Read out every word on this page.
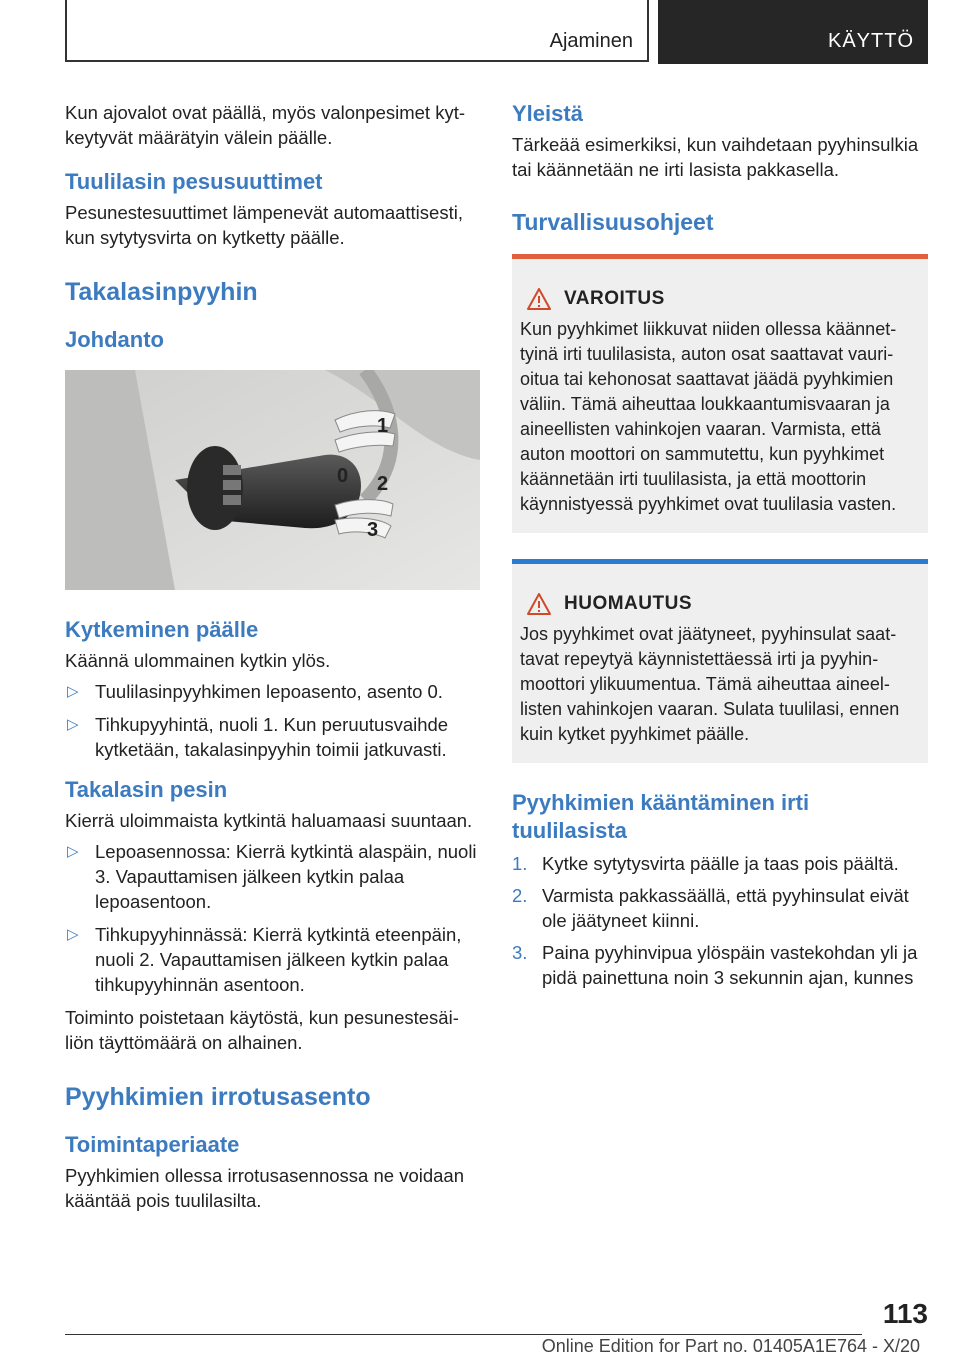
Ajaminen	KÄYTTÖ

Kun ajovalot ovat päällä, myös valonpesimet kytkeytyvät määrätyin välein päälle.

Tuulilasin pesusuuttimet

Pesunestesuuttimet lämpenevät automaattisesti, kun sytytysvirta on kytketty päälle.

Takalasinpyyhin
Johdanto
1
0 2
3
Kytkeminen päälle

Käännä ulommainen kytkin ylös.

▷ Tuulilasinpyyhkimen lepoasento, asento 0.
▷ Tihkupyyhintä, nuoli 1. Kun peruutusvaihde kytketään, takalasinpyyhin toimii jatkuvasti.
Takalasin pesin

Kierrä uloimmaista kytkintä haluamaasi suuntaan.

▷ Lepoasennossa: Kierrä kytkintä alaspäin, nuoli 3. Vapauttamisen jälkeen kytkin palaa lepoasentoon.
▷ Tihkupyyhinnässä: Kierrä kytkintä eteenpäin, nuoli 2. Vapauttamisen jälkeen kytkin palaa tihkupyyhinnän asentoon.

Toiminto poistetaan käytöstä, kun pesunestesäiliön täyttömäärä on alhainen.

Pyyhkimien irrotusasento
Toimintaperiaate

Pyyhkimien ollessa irrotusasennossa ne voidaan kääntää pois tuulilasilta.

Yleistä

Tärkeää esimerkiksi, kun vaihdetaan pyyhinsulkia tai käännetään ne irti lasista pakkasella.

Turvallisuusohjeet
VAROITUS

Kun pyyhkimet liikkuvat niiden ollessa käännettyinä irti tuulilasista, auton osat saattavat vaurioitua tai kehonosat saattavat jäädä pyyhkimien väliin. Tämä aiheuttaa loukkaantumisvaaran ja aineellisten vahinkojen vaaran. Varmista, että auton moottori on sammutettu, kun pyyhkimet käännetään irti tuulilasista, ja että moottorin käynnistyessä pyyhkimet ovat tuulilasia vasten.

HUOMAUTUS

Jos pyyhkimet ovat jäätyneet, pyyhinsulat saattavat repeytyä käynnistettäessä irti ja pyyhinmoottori ylikuumentua. Tämä aiheuttaa aineellisten vahinkojen vaaran. Sulata tuulilasi, ennen kuin kytket pyyhkimet päälle.

Pyyhkimien kääntäminen irti tuulilasista
1. Kytke sytytysvirta päälle ja taas pois päältä.
2. Varmista pakkassäällä, että pyyhinsulat eivät ole jäätyneet kiinni.
3. Paina pyyhinvipua ylöspäin vastekohdan yli ja pidä painettuna noin 3 sekunnin ajan, kunnes
113
Online Edition for Part no. 01405A1E764 - X/20
